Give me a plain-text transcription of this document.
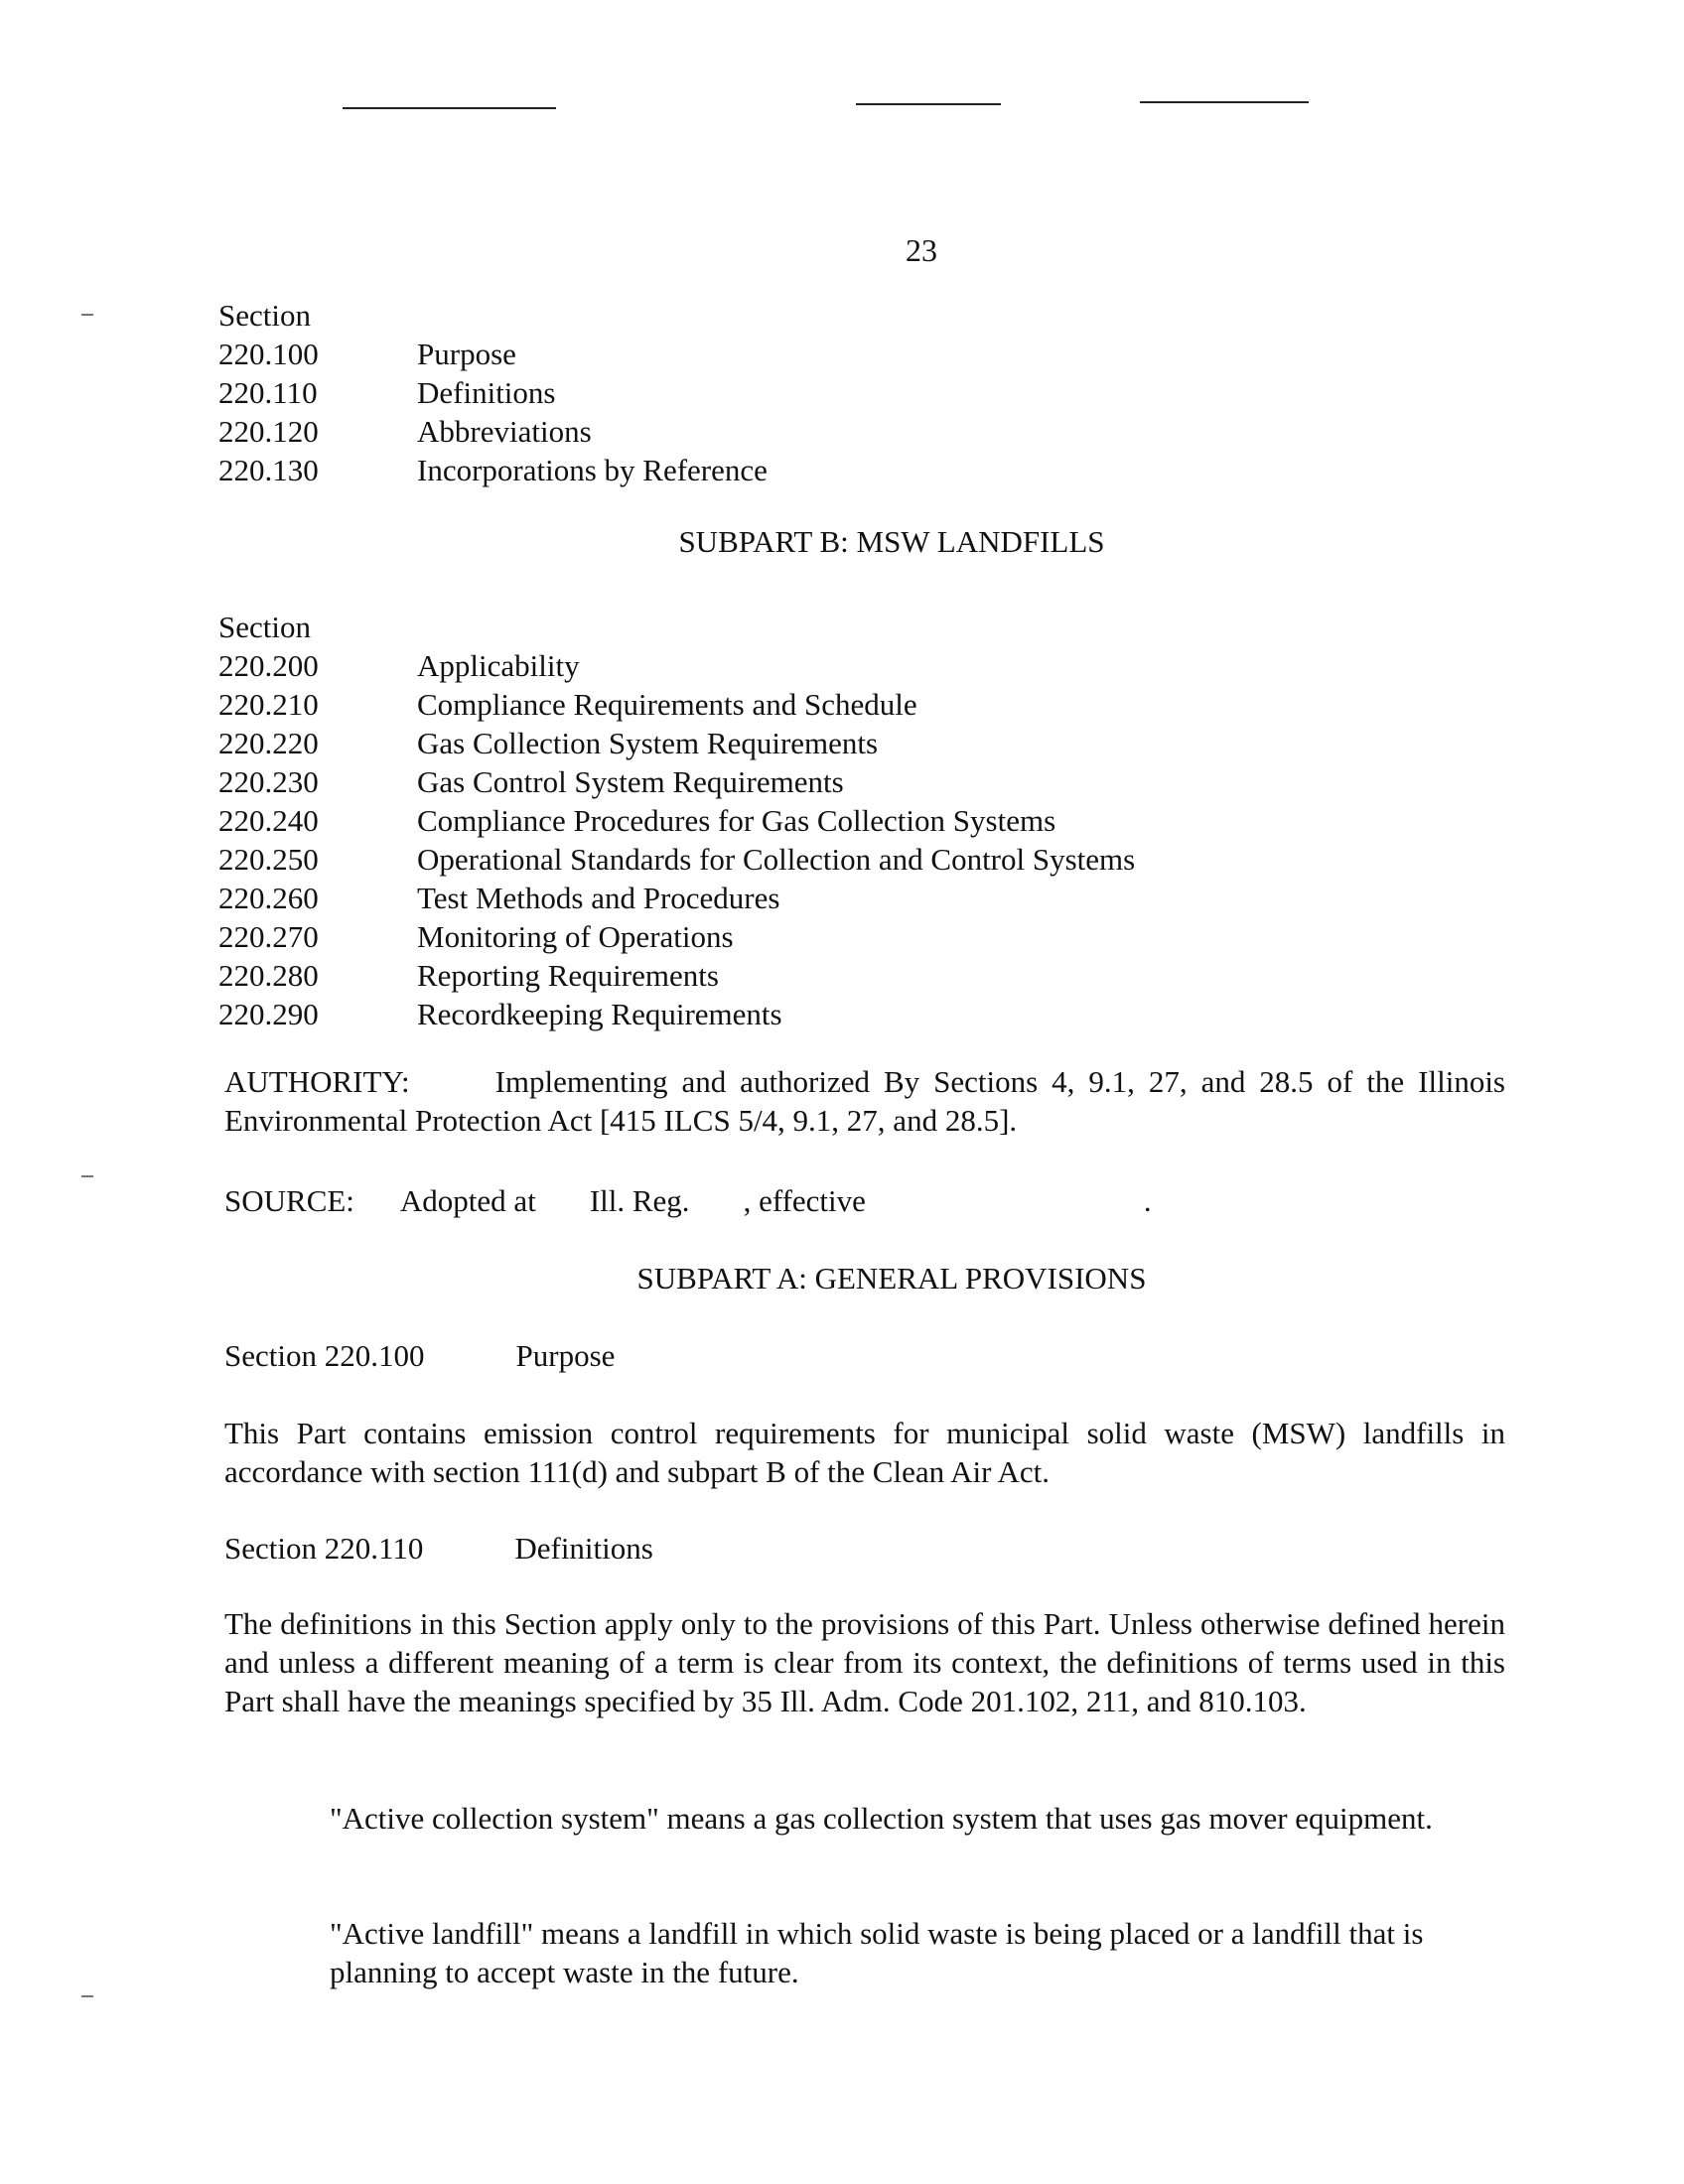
23
Section
220.100	Purpose
220.110	Definitions
220.120	Abbreviations
220.130	Incorporations by Reference
SUBPART B: MSW LANDFILLS
Section
220.200	Applicability
220.210	Compliance Requirements and Schedule
220.220	Gas Collection System Requirements
220.230	Gas Control System Requirements
220.240	Compliance Procedures for Gas Collection Systems
220.250	Operational Standards for Collection and Control Systems
220.260	Test Methods and Procedures
220.270	Monitoring of Operations
220.280	Reporting Requirements
220.290	Recordkeeping Requirements
AUTHORITY:	Implementing and authorized By Sections 4, 9.1, 27, and 28.5 of the Illinois Environmental Protection Act [415 ILCS 5/4, 9.1, 27, and 28.5].
SOURCE: Adopted at Ill. Reg. , effective	.
SUBPART A: GENERAL PROVISIONS
Section 220.100	Purpose
This Part contains emission control requirements for municipal solid waste (MSW) landfills in accordance with section 111(d) and subpart B of the Clean Air Act.
Section 220.110	Definitions
The definitions in this Section apply only to the provisions of this Part. Unless otherwise defined herein and unless a different meaning of a term is clear from its context, the definitions of terms used in this Part shall have the meanings specified by 35 Ill. Adm. Code 201.102, 211, and 810.103.
"Active collection system" means a gas collection system that uses gas mover equipment.
"Active landfill" means a landfill in which solid waste is being placed or a landfill that is planning to accept waste in the future.
